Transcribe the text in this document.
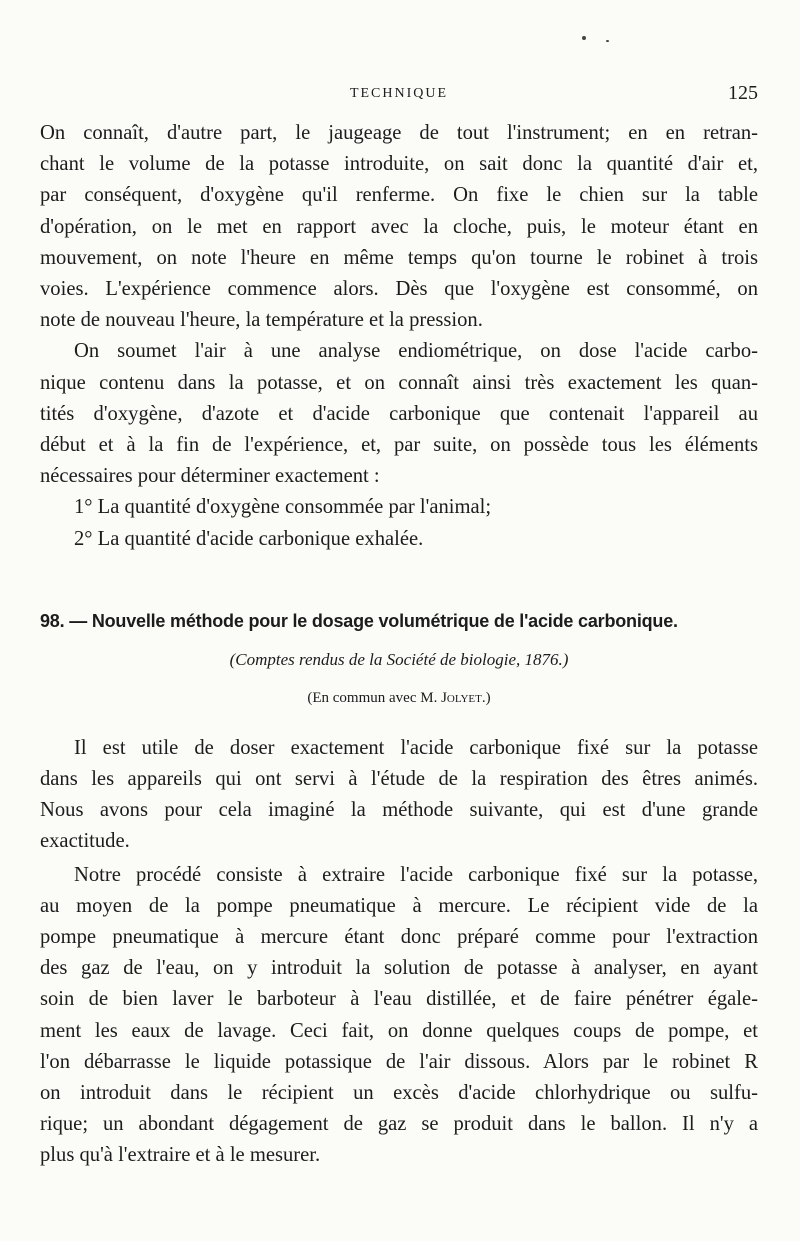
TECHNIQUE	125

On connaît, d'autre part, le jaugeage de tout l'instrument; en en retran-
chant le volume de la potasse introduite, on sait donc la quantité d'air et,
par conséquent, d'oxygène qu'il renferme. On fixe le chien sur la table
d'opération, on le met en rapport avec la cloche, puis, le moteur étant en
mouvement, on note l'heure en même temps qu'on tourne le robinet à trois
voies. L'expérience commence alors. Dès que l'oxygène est consommé, on
note de nouveau l'heure, la température et la pression.

On soumet l'air à une analyse endiométrique, on dose l'acide carbo-
nique contenu dans la potasse, et on connaît ainsi très exactement les quan-
tités d'oxygène, d'azote et d'acide carbonique que contenait l'appareil au
début et à la fin de l'expérience, et, par suite, on possède tous les éléments
nécessaires pour déterminer exactement :

1° La quantité d'oxygène consommée par l'animal;

2° La quantité d'acide carbonique exhalée.

98. — Nouvelle méthode pour le dosage volumétrique de l'acide carbonique.

(Comptes rendus de la Société de biologie, 1876.)

(En commun avec M. Jolyet.)

Il est utile de doser exactement l'acide carbonique fixé sur la potasse
dans les appareils qui ont servi à l'étude de la respiration des êtres animés.
Nous avons pour cela imaginé la méthode suivante, qui est d'une grande
exactitude.

Notre procédé consiste à extraire l'acide carbonique fixé sur la potasse,
au moyen de la pompe pneumatique à mercure. Le récipient vide de la
pompe pneumatique à mercure étant donc préparé comme pour l'extraction
des gaz de l'eau, on y introduit la solution de potasse à analyser, en ayant
soin de bien laver le barboteur à l'eau distillée, et de faire pénétrer égale-
ment les eaux de lavage. Ceci fait, on donne quelques coups de pompe, et
l'on débarrasse le liquide potassique de l'air dissous. Alors par le robinet R
on introduit dans le récipient un excès d'acide chlorhydrique ou sulfu-
rique; un abondant dégagement de gaz se produit dans le ballon. Il n'y a
plus qu'à l'extraire et à le mesurer.
